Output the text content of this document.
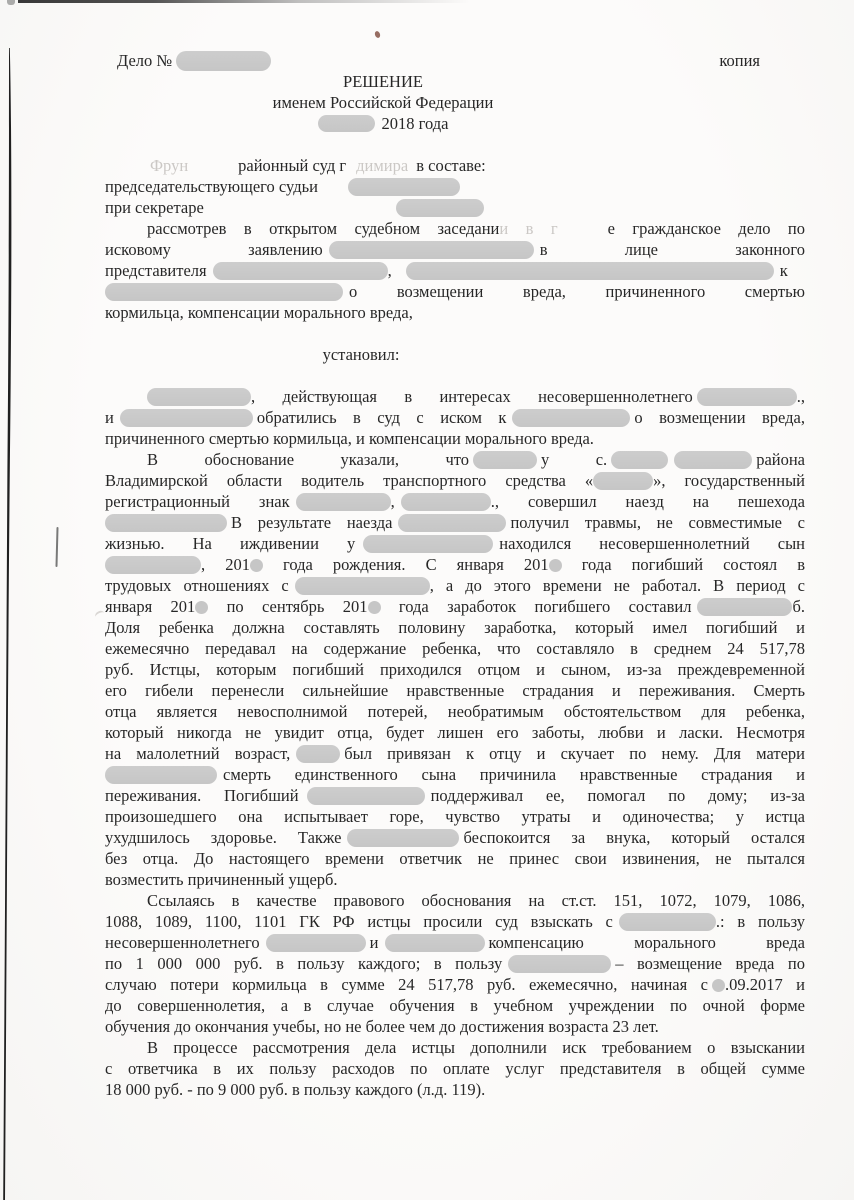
Дело №	копия
РЕШЕНИЕ
именем Российской Федерации
2018 года
Фрун	районный суд г димира в составе:
председательствующего судьи
при секретаре
рассмотрев в открытом судебном заседании в г	е гражданское дело по
исковому заявлению	в лице законного
представителя	,	к
о возмещении вреда, причиненного смертью
кормильца, компенсации морального вреда,
установил:
, действующая в интересах несовершеннолетнего	.,
и	обратились в суд с иском к	о возмещении вреда,
причиненного смертью кормильца, и компенсации морального вреда.
В обоснование указали, что	у с.	района
Владимирской области водитель транспортного средства «	», государственный
регистрационный знак	,	., совершил наезд на пешехода
В результате наезда	получил травмы, не совместимые с
жизнью. На иждивении у	находился несовершеннолетний сын
, 201 года рождения. С января 201 года погибший состоял в
трудовых отношениях с	, а до этого времени не работал. В период с
января 201 по сентябрь 201 года заработок погибшего составил	б.
Доля ребенка должна составлять половину заработка, который имел погибший и
ежемесячно передавал на содержание ребенка, что составляло в среднем 24 517,78
руб. Истцы, которым погибший приходился отцом и сыном, из-за преждевременной
его гибели перенесли сильнейшие нравственные страдания и переживания. Смерть
отца является невосполнимой потерей, необратимым обстоятельством для ребенка,
который никогда не увидит отца, будет лишен его заботы, любви и ласки. Несмотря
на малолетний возраст,	был привязан к отцу и скучает по нему. Для матери
смерть единственного сына причинила нравственные страдания и
переживания. Погибший	поддерживал ее, помогал по дому; из-за
произошедшего она испытывает горе, чувство утраты и одиночества; у истца
ухудшилось здоровье. Также	беспокоится за внука, который остался
без отца. До настоящего времени ответчик не принес свои извинения, не пытался
возместить причиненный ущерб.
Ссылаясь в качестве правового обоснования на ст.ст. 151, 1072, 1079, 1086,
1088, 1089, 1100, 1101 ГК РФ истцы просили суд взыскать с	.: в пользу
несовершеннолетнего	и	компенсацию морального вреда
по 1 000 000 руб. в пользу каждого; в пользу	– возмещение вреда по
случаю потери кормильца в сумме 24 517,78 руб. ежемесячно, начиная с .09.2017 и
до совершеннолетия, а в случае обучения в учебном учреждении по очной форме
обучения до окончания учебы, но не более чем до достижения возраста 23 лет.
В процессе рассмотрения дела истцы дополнили иск требованием о взыскании
с ответчика в их пользу расходов по оплате услуг представителя в общей сумме
18 000 руб. - по 9 000 руб. в пользу каждого (л.д. 119).
